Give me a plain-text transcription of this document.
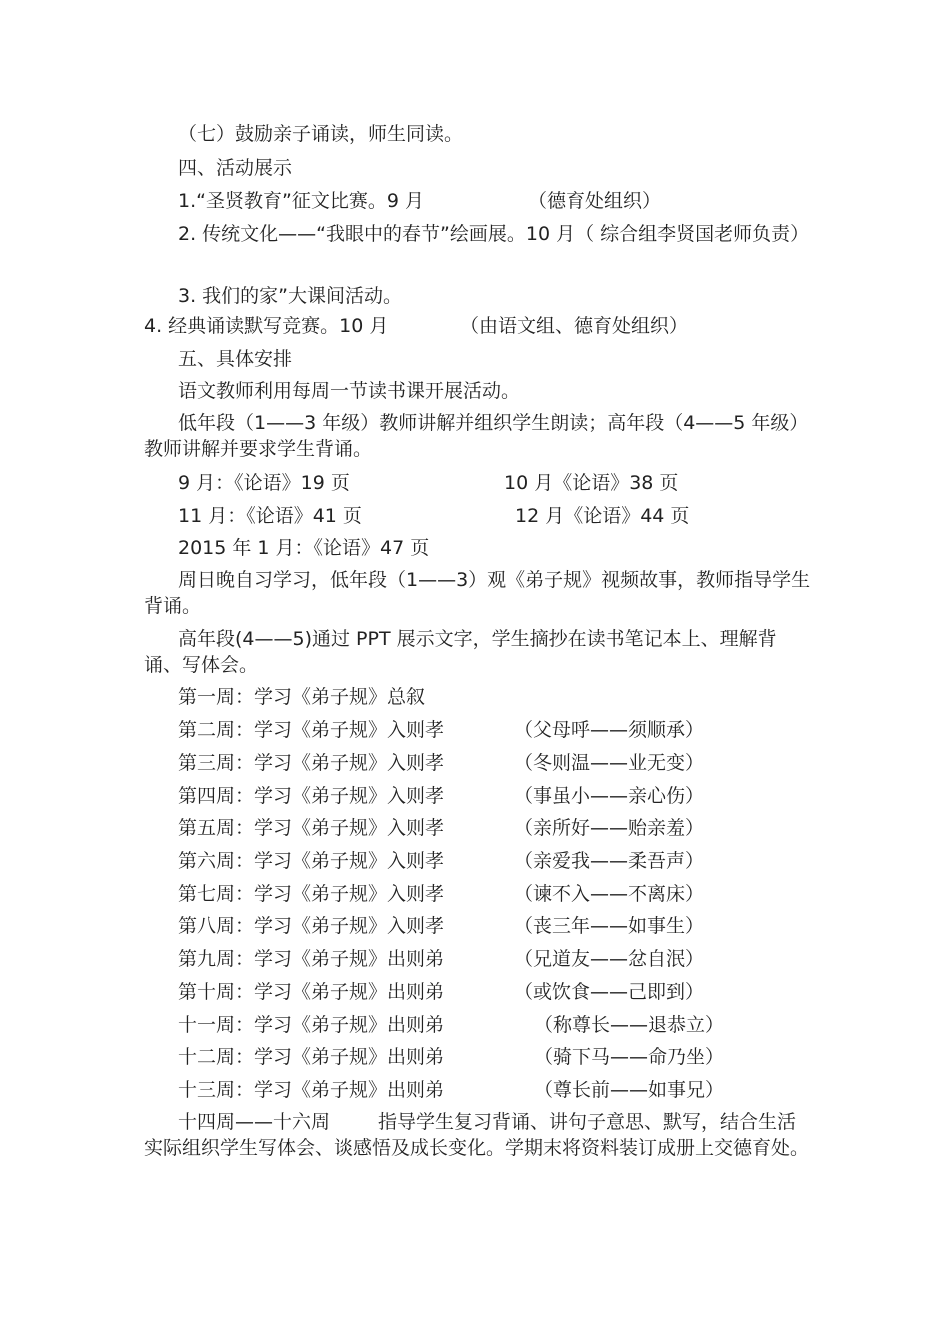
（七）鼓励亲子诵读，师生同读。
四、活动展示
1.“圣贤教育”征文比赛。9 月	（德育处组织）
2. 传统文化——“我眼中的春节”绘画展。10 月（ 综合组李贤国老师负责）
3. 我们的家”大课间活动。
4. 经典诵读默写竞赛。10 月	（由语文组、德育处组织）
五、具体安排
语文教师利用每周一节读书课开展活动。
低年段（1——3 年级）教师讲解并组织学生朗读；高年段（4——5 年级）教师讲解并要求学生背诵。
9 月：《论语》19 页	10 月《论语》38 页
11 月：《论语》41 页	12 月《论语》44 页
2015 年 1 月：《论语》47 页
周日晚自习学习，低年段（1——3）观《弟子规》视频故事，教师指导学生背诵。
高年段(4——5)通过 PPT 展示文字，学生摘抄在读书笔记本上、理解背诵、写体会。
第一周：学习《弟子规》总叙
第二周：学习《弟子规》入则孝	（父母呼——须顺承）
第三周：学习《弟子规》入则孝	（冬则温——业无变）
第四周：学习《弟子规》入则孝	（事虽小——亲心伤）
第五周：学习《弟子规》入则孝	（亲所好——贻亲羞）
第六周：学习《弟子规》入则孝	（亲爱我——柔吾声）
第七周：学习《弟子规》入则孝	（谏不入——不离床）
第八周：学习《弟子规》入则孝	（丧三年——如事生）
第九周：学习《弟子规》出则弟	（兄道友——忿自泯）
第十周：学习《弟子规》出则弟	（或饮食——己即到）
十一周：学习《弟子规》出则弟	（称尊长——退恭立）
十二周：学习《弟子规》出则弟	（骑下马——命乃坐）
十三周：学习《弟子规》出则弟	（尊长前——如事兄）
十四周——十六周	指导学生复习背诵、讲句子意思、默写，结合生活实际组织学生写体会、谈感悟及成长变化。学期末将资料装订成册上交德育处。
